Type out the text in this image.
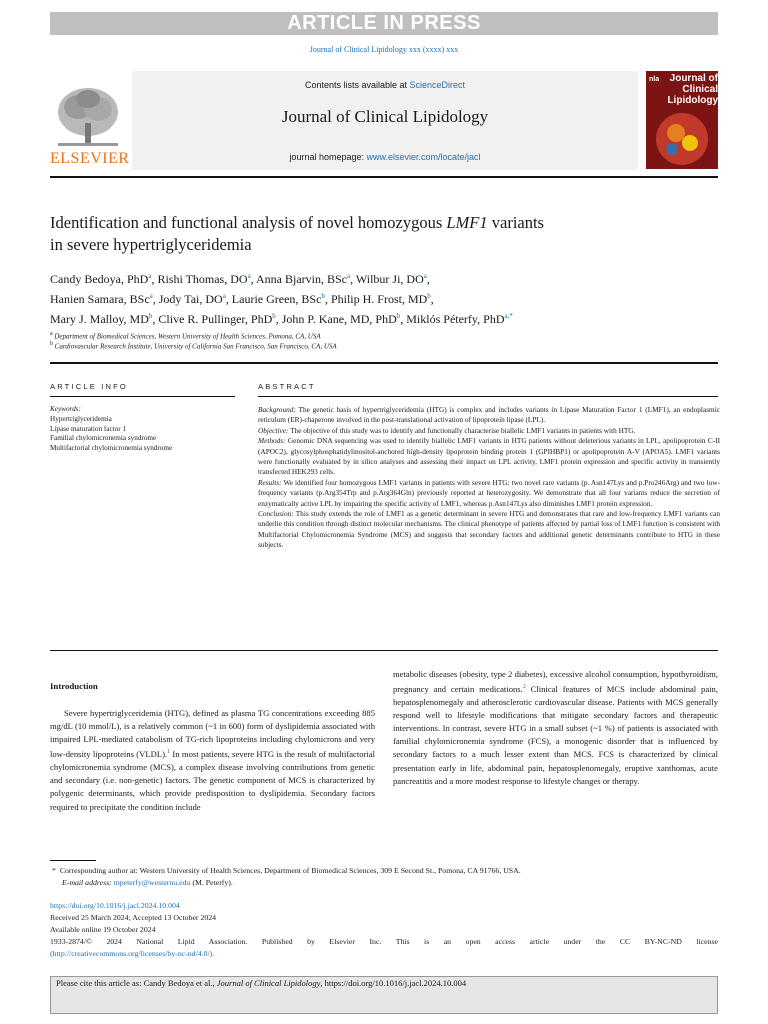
ARTICLE IN PRESS
Journal of Clinical Lipidology xxx (xxxx) xxx
ELSEVIER
Contents lists available at ScienceDirect
Journal of Clinical Lipidology
journal homepage: www.elsevier.com/locate/jacl
nla	Journal of
Clinical
Lipidology
Identification and functional analysis of novel homozygous LMF1 variants
in severe hypertriglyceridemia
Candy Bedoya, PhD$^a$, Rishi Thomas, $DO^a$, Anna Bjarvin, BSc$^a$, Wilbur Ji, $DO^a$,
Hanien Samara, BSc$^a$, Jody Tai, $DO^a$, Laurie Green, BSc$^b$, Philip H. Frost, $MD^b$,
Mary J. Malloy, $MD^b$, Clive R. Pullinger, PhD$^b$, John P. Kane, MD, PhD$^b$, Miklós Péterfy, PhD$^{a,*}$
$^a$ Department of Biomedical Sciences, Western University of Health Sciences, Pomona, CA, USA
$^b$ Cardiovascular Research Institute, University of California San Francisco, San Francisco, CA, USA
ARTICLE INFO	ABSTRACT
Keywords:
Hypertriglyceridemia
Lipase maturation factor 1
Familial chylomicronemia syndrome
Multifactorial chylomicronemia syndrome

Background: The genetic basis of hypertriglyceridemia (HTG) is complex and includes variants in Lipase Maturation Factor 1 (LMF1), an endoplasmic reticulum (ER)-chaperone involved in the post-translational activation of lipoprotein lipase (LPL).

Objective: The objective of this study was to identify and functionally characterise biallelic LMF1 variants in patients with HTG.

Methods: Genomic DNA sequencing was used to identify biallelic LMF1 variants in HTG patients without deleterious variants in LPL, apolipoprotein C-II (APOC2), glycosylphosphatidylinositol-anchored high-density lipoprotein binding protein 1 (GPIHBP1) or apolipoprotein A-V (APOA5). LMF1 variants were functionally evaluated by in silico analyses and assessing their impact on LPL activity, LMF1 protein expression and specific activity in transiently transfected HEK293 cells.

Results: We identified four homozygous LMF1 variants in patients with severe HTG: two novel rare variants (p. Asn147Lys and p.Pro246Arg) and two low-frequency variants (p.Arg354Trp and p.Arg364Gln) previously reported at heterozygosity. We demonstrate that all four variants reduce the secretion of enzymatically active LPL by impairing the specific activity of LMF1, whereas p.Asn147Lys also diminishes LMF1 protein expression.

Conclusion: This study extends the role of LMF1 as a genetic determinant in severe HTG and demonstrates that rare and low-frequency LMF1 variants can underlie this condition through distinct molecular mechanisms. The clinical phenotype of patients affected by partial loss of LMF1 function is consistent with Multifactorial Chylomicronemia Syndrome (MCS) and suggests that secondary factors and additional genetic determinants contribute to HTG in these subjects.

Introduction

Severe hypertriglyceridemia (HTG), defined as plasma TG concentrations exceeding 885 mg/dL (10 mmol/L), is a relatively common (~1 in 600) form of dyslipidemia associated with impaired LPL-mediated catabolism of TG-rich lipoproteins including chylomicrons and very low-density lipoproteins (VLDL).$^1$ In most patients, severe HTG is the result of multifactorial chylomicronemia syndrome (MCS), a complex disease involving contributions from genetic and secondary (i.e. non-genetic) factors. The genetic component of MCS is characterized by polygenic determinants, which provide predisposition to dyslipidemia. Secondary factors required to precipitate the condition include

metabolic diseases (obesity, type 2 diabetes), excessive alcohol consumption, hypothyroidism, pregnancy and certain medications.$^2$ Clinical features of MCS include abdominal pain, hepatosplenomegaly and atherosclerotic cardiovascular disease. Patients with MCS generally respond well to lifestyle modifications that mitigate secondary factors and therapeutic interventions. In contrast, severe HTG in a small subset (~1 %) of patients is associated with familial chylomicronemia syndrome (FCS), a monogenic disorder that is influenced by secondary factors to a much lesser extent than MCS. FCS is characterized by clinical presentation early in life, abdominal pain, hepatosplenomegaly, eruptive xanthomas, acute pancreatitis and a more modest response to lifestyle changes or therapy.

* Corresponding author at: Western University of Health Sciences, Department of Biomedical Sciences, 309 E Second St., Pomona, CA 91766, USA.
E-mail address: mpeterfy@westernu.edu (M. Peterfy).
https://doi.org/10.1016/j.jacl.2024.10.004
Received 25 March 2024; Accepted 13 October 2024
Available online 19 October 2024
1933-2874/© 2024 National Lipid Association. Published by Elsevier Inc. This is an open access article under the CC BY-NC-ND license
(http://creativecommons.org/licenses/by-nc-nd/4.0/).
Please cite this article as: Candy Bedoya et al., Journal of Clinical Lipidology, https://doi.org/10.1016/j.jacl.2024.10.004
